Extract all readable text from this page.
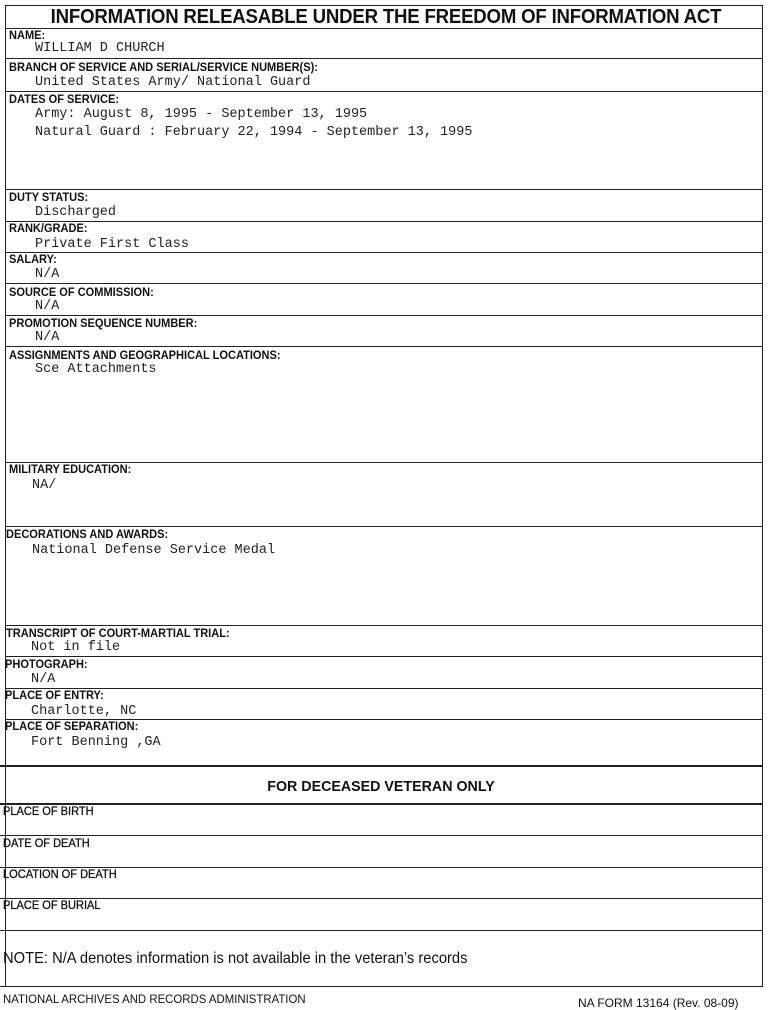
INFORMATION RELEASABLE UNDER THE FREEDOM OF INFORMATION ACT
NAME:
WILLIAM D CHURCH
BRANCH OF SERVICE AND SERIAL/SERVICE NUMBER(S):
United States Army/ National Guard
DATES OF SERVICE:
Army: August 8, 1995 - September 13, 1995
Natural Guard : February 22, 1994 - September 13, 1995
DUTY STATUS:
Discharged
RANK/GRADE:
Private First Class
SALARY:
N/A
SOURCE OF COMMISSION:
N/A
PROMOTION SEQUENCE NUMBER:
N/A
ASSIGNMENTS AND GEOGRAPHICAL LOCATIONS:
Sce Attachments
MILITARY EDUCATION:
NA/
DECORATIONS AND AWARDS:
National Defense Service Medal
TRANSCRIPT OF COURT-MARTIAL TRIAL:
Not in file
PHOTOGRAPH:
N/A
PLACE OF ENTRY:
Charlotte, NC
PLACE OF SEPARATION:
Fort Benning ,GA
FOR DECEASED VETERAN ONLY
PLACE OF BIRTH
DATE OF DEATH
LOCATION OF DEATH
PLACE OF BURIAL
NOTE: N/A denotes information is not available in the veteran’s records
NATIONAL ARCHIVES AND RECORDS ADMINISTRATION	NA FORM 13164 (Rev. 08-09)
